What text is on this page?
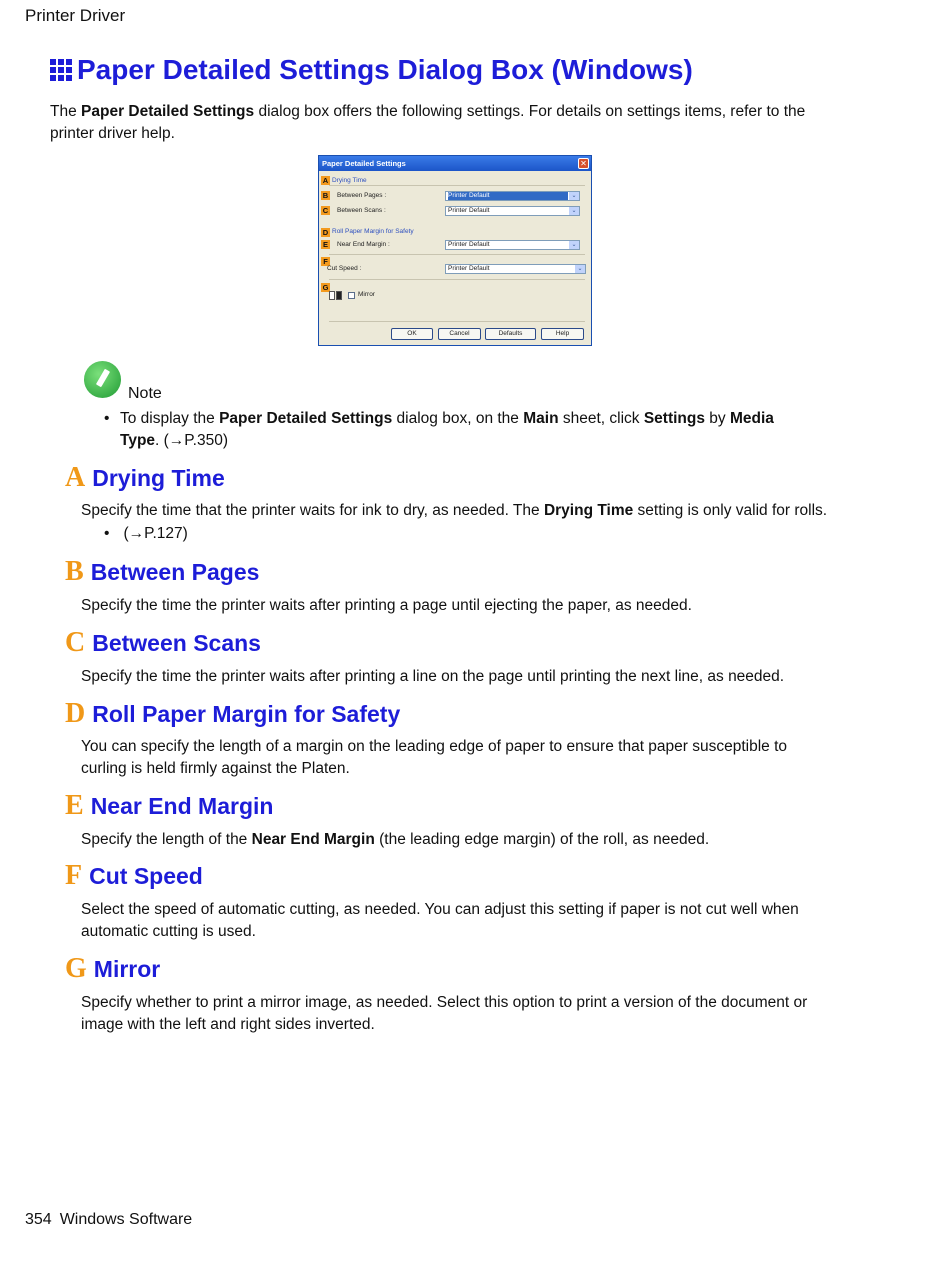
Printer Driver
Paper Detailed Settings Dialog Box (Windows)
The Paper Detailed Settings dialog box offers the following settings. For details on settings items, refer to the printer driver help.
Paper Detailed Settings	✕
A Drying Time
B Between Pages :	Printer Default	⌄
C Between Scans :	Printer Default	⌄
D Roll Paper Margin for Safety
E	Near End Margin :	Printer Default	⌄
F
Cut Speed :	Printer Default	⌄
G
Mirror
OK	Cancel	Defaults	Help
Note
• To display the Paper Detailed Settings dialog box, on the Main sheet, click Settings by Media Type. (→P.350)
A Drying Time
Specify the time that the printer waits for ink to dry, as needed. The Drying Time setting is only valid for rolls.
• (→P.127)
B Between Pages
Specify the time the printer waits after printing a page until ejecting the paper, as needed.
C Between Scans
Specify the time the printer waits after printing a line on the page until printing the next line, as needed.
D Roll Paper Margin for Safety
You can specify the length of a margin on the leading edge of paper to ensure that paper susceptible to curling is held firmly against the Platen.
E Near End Margin
Specify the length of the Near End Margin (the leading edge margin) of the roll, as needed.
F Cut Speed
Select the speed of automatic cutting, as needed. You can adjust this setting if paper is not cut well when automatic cutting is used.
G Mirror
Specify whether to print a mirror image, as needed. Select this option to print a version of the document or image with the left and right sides inverted.
354 Windows Software
